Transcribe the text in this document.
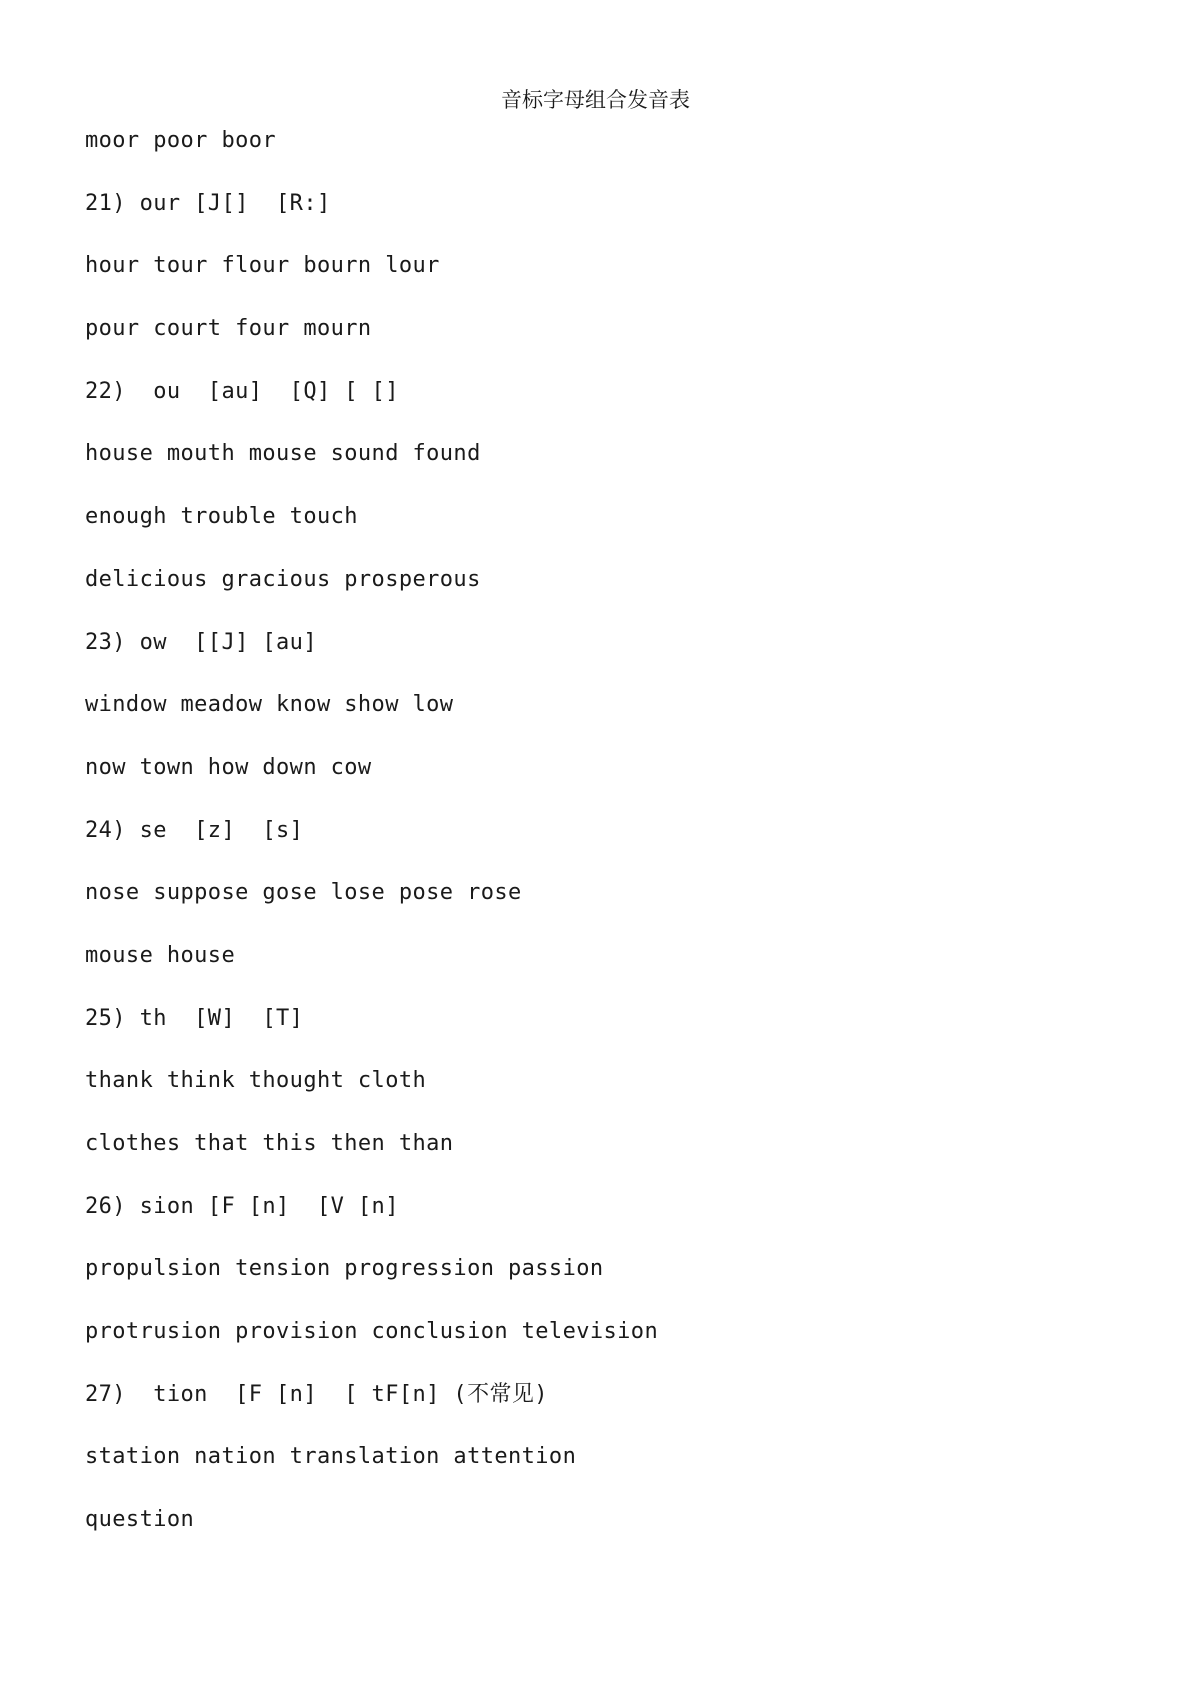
音标字母组合发音表
moor poor boor
21) our [J[]  [R:]
hour tour flour bourn lour
pour court four mourn
22)  ou  [au]  [Q] [ []
house mouth mouse sound found
enough trouble touch
delicious gracious prosperous
23) ow  [[J] [au]
window meadow know show low
now town how down cow
24) se  [z]  [s]
nose suppose gose lose pose rose
mouse house
25) th  [W]  [T]
thank think thought cloth
clothes that this then than
26) sion [F [n]  [V [n]
propulsion tension progression passion
protrusion provision conclusion television
27)  tion  [F [n]  [ tF[n] (不常见)
station nation translation attention
question
